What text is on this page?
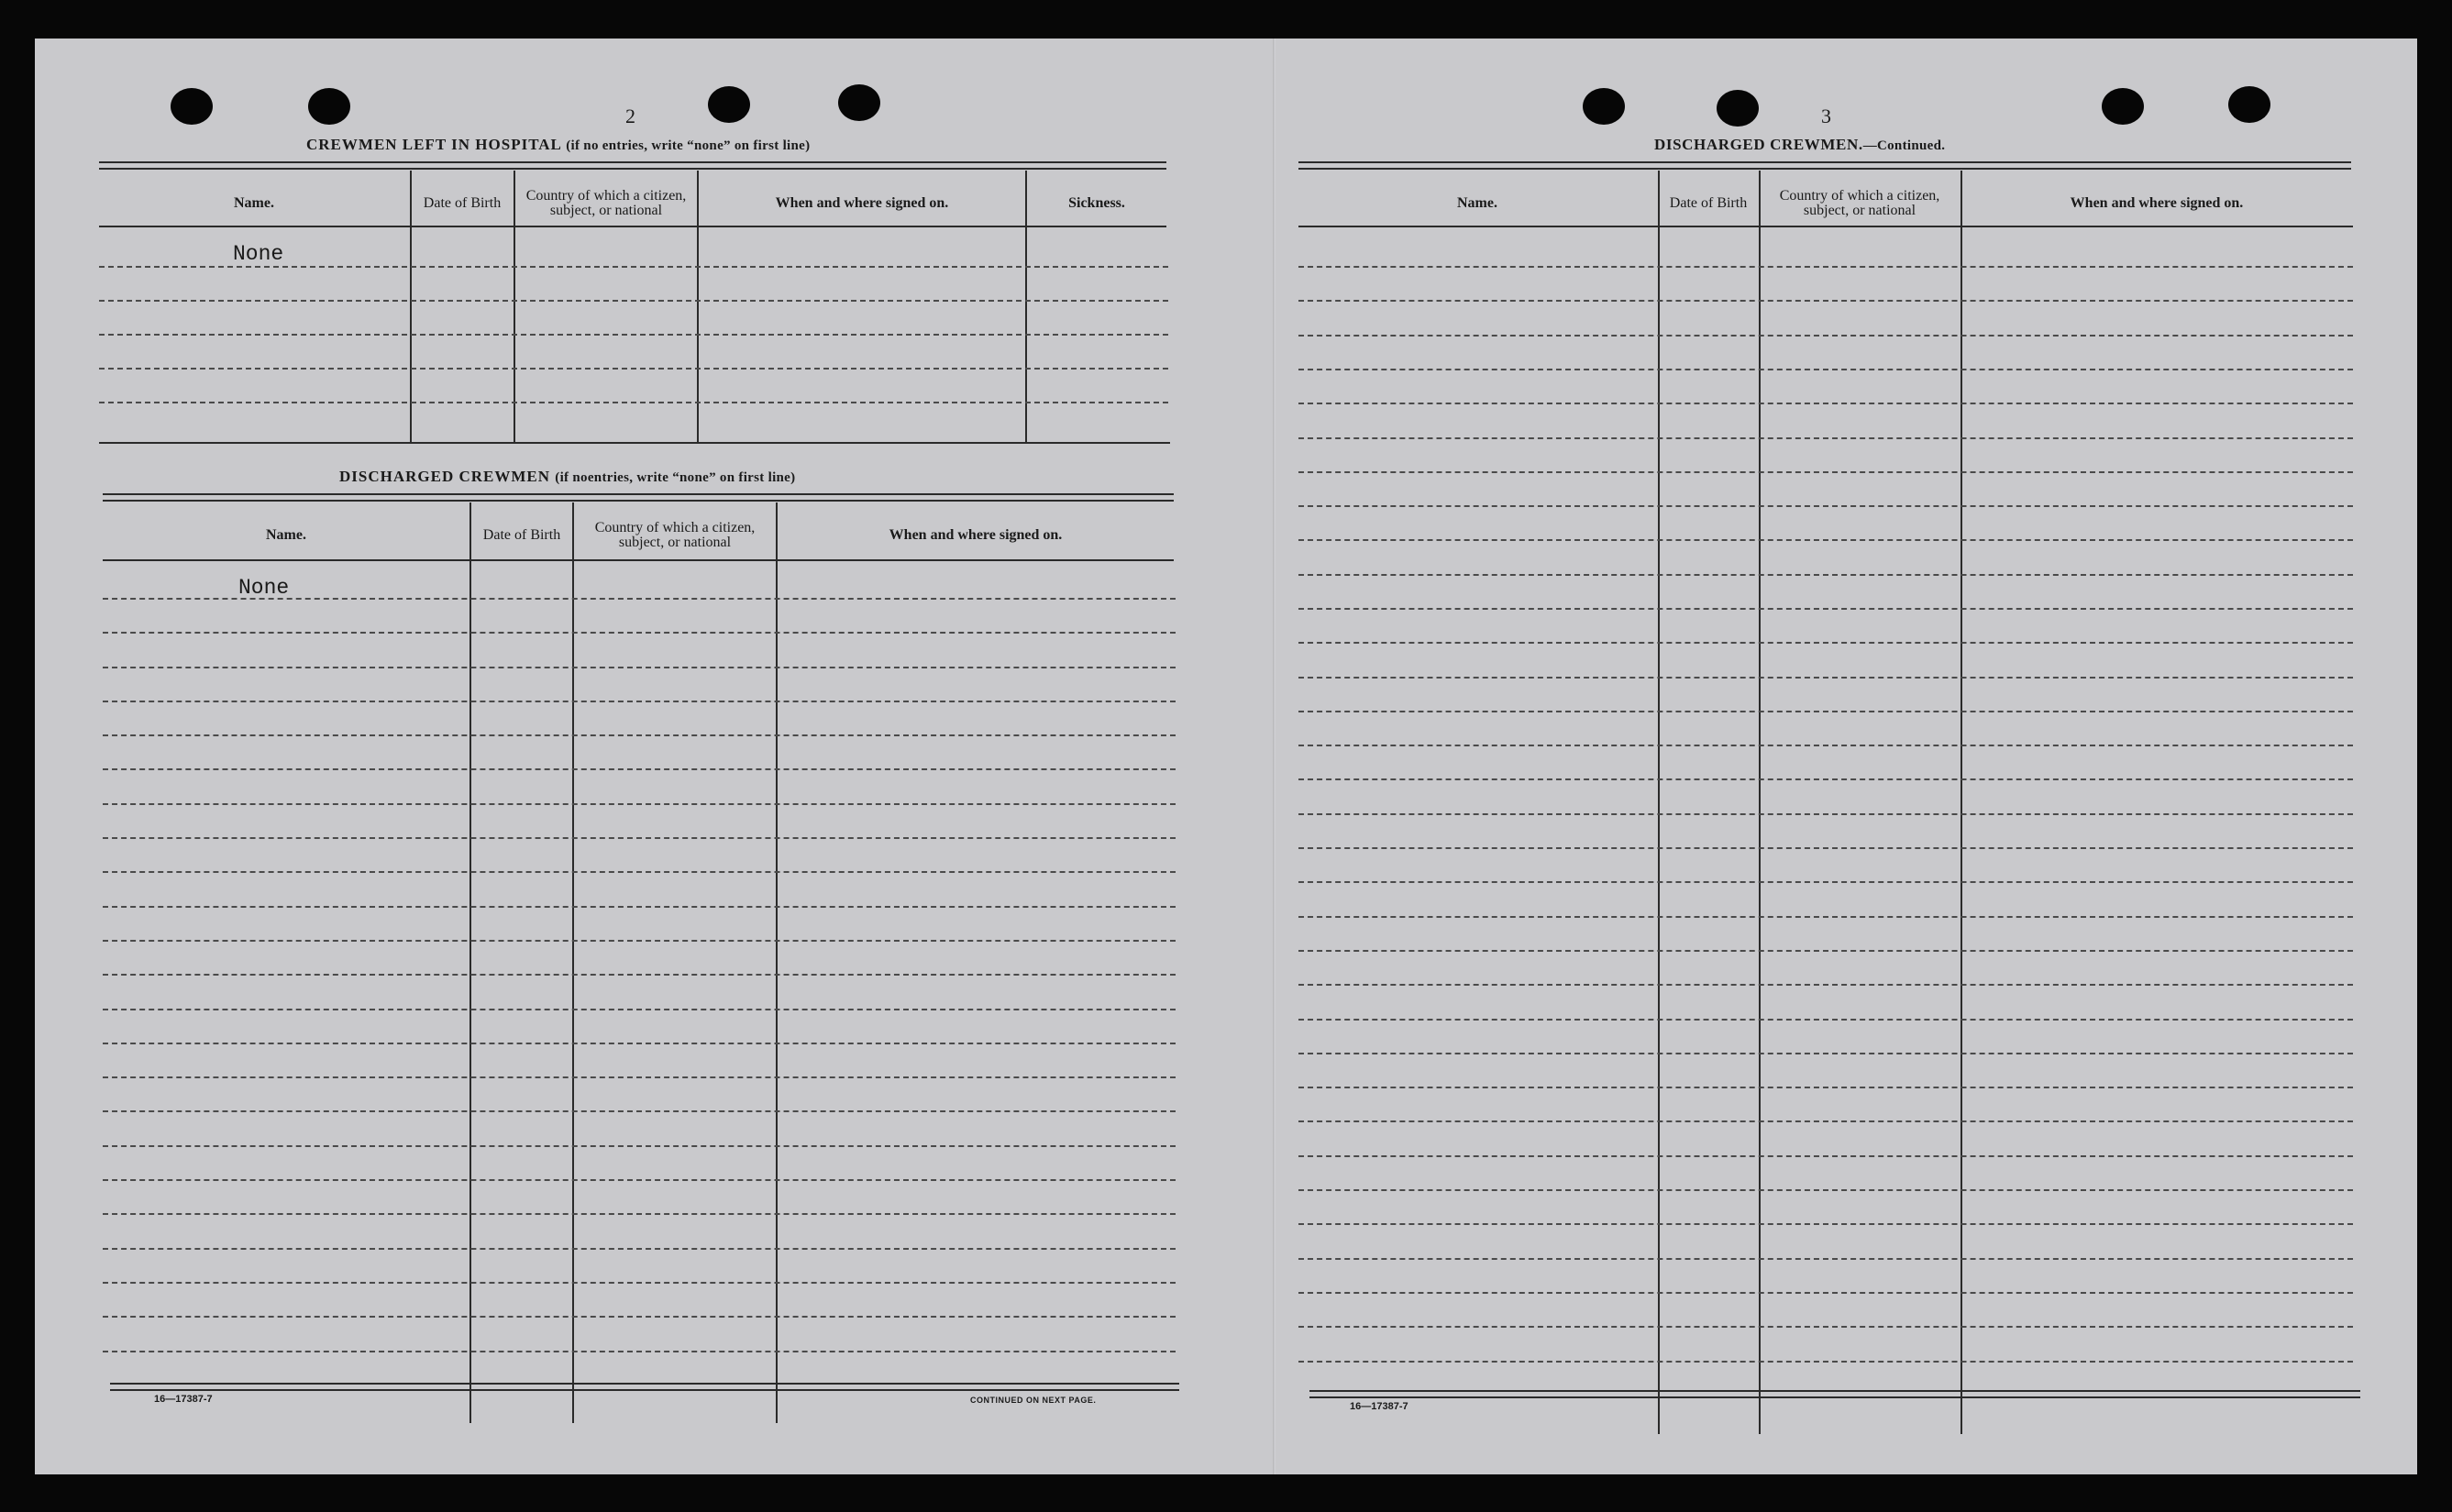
2
CREWMEN LEFT IN HOSPITAL (if no entries, write “none” on first line)
Name.	Date of Birth	Country of which a citizen, subject, or national	When and where signed on.	Sickness.
None
DISCHARGED CREWMEN (if noentries, write “none” on first line)
Name.	Date of Birth	Country of which a citizen, subject, or national	When and where signed on.
None
16—17387-7	CONTINUED ON NEXT PAGE.
3
DISCHARGED CREWMEN.—Continued.
Name.	Date of Birth	Country of which a citizen, subject, or national	When and where signed on.
16—17387-7
